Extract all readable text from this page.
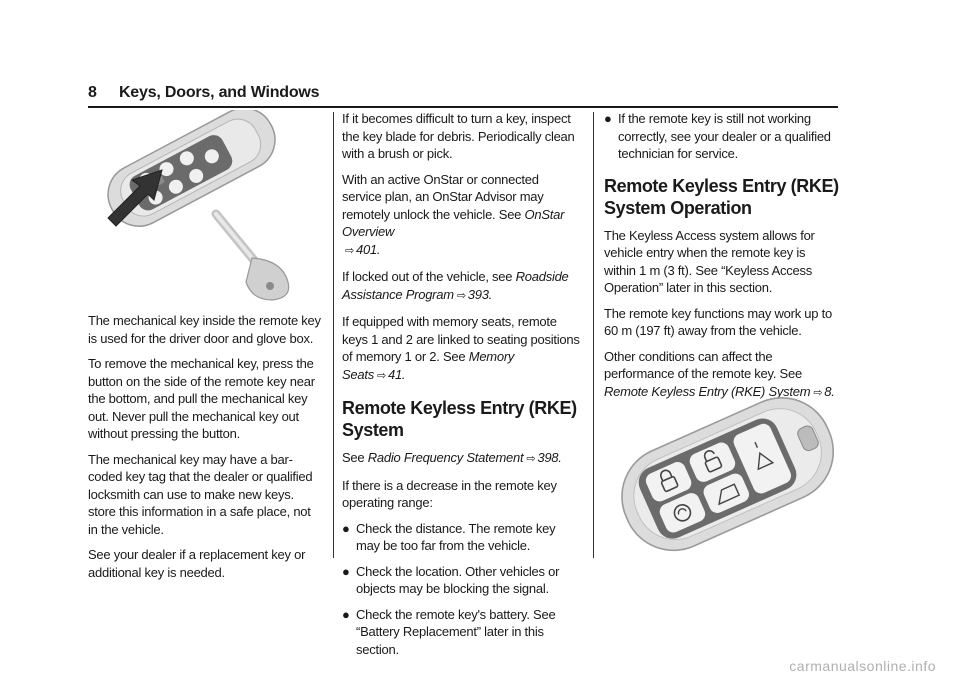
8 Keys, Doors, and Windows

The mechanical key inside the remote key is used for the driver door and glove box.

To remove the mechanical key, press the button on the side of the remote key near the bottom, and pull the mechanical key out. Never pull the mechanical key out without pressing the button.

The mechanical key may have a bar-coded key tag that the dealer or qualified locksmith can use to make new keys. store this information in a safe place, not in the vehicle.

See your dealer if a replacement key or additional key is needed.

If it becomes difficult to turn a key, inspect the key blade for debris. Periodically clean with a brush or pick.

With an active OnStar or connected service plan, an OnStar Advisor may remotely unlock the vehicle. See OnStar Overview
⇨ 401.

If locked out of the vehicle, see Roadside Assistance Program ⇨ 393.

If equipped with memory seats, remote keys 1 and 2 are linked to seating positions of memory 1 or 2. See Memory Seats ⇨ 41.

Remote Keyless Entry (RKE) System

See Radio Frequency Statement ⇨ 398.

If there is a decrease in the remote key operating range:

● Check the distance. The remote key may be too far from the vehicle.
● Check the location. Other vehicles or objects may be blocking the signal.
● Check the remote key's battery. See “Battery Replacement” later in this section.
● If the remote key is still not working correctly, see your dealer or a qualified technician for service.
Remote Keyless Entry (RKE) System Operation

The Keyless Access system allows for vehicle entry when the remote key is within 1 m (3 ft). See “Keyless Access Operation” later in this section.

The remote key functions may work up to 60 m (197 ft) away from the vehicle.

Other conditions can affect the performance of the remote key. See Remote Keyless Entry (RKE) System ⇨ 8.

carmanualsonline.info
